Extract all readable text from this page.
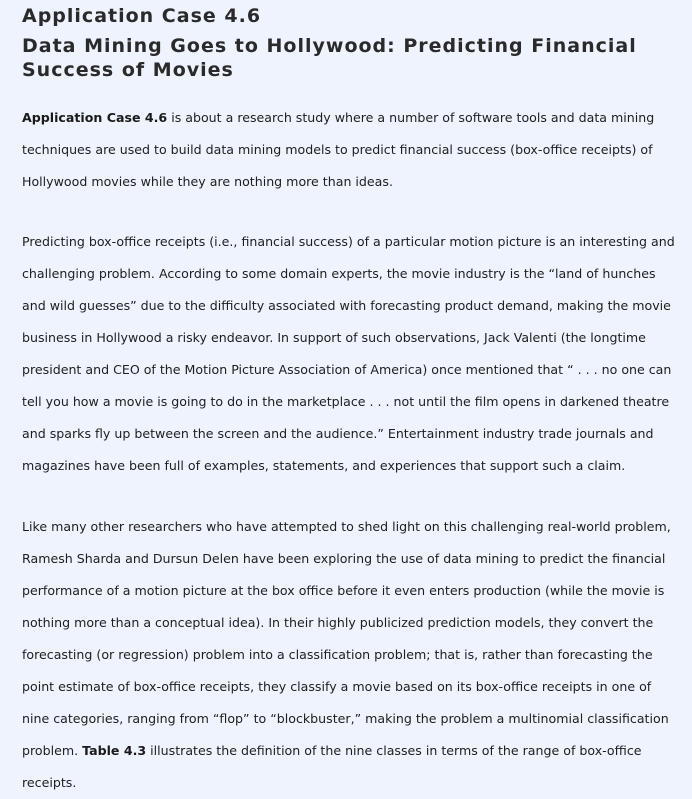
Application Case 4.6
Data Mining Goes to Hollywood: Predicting Financial
Success of Movies

Application Case 4.6 is about a research study where a number of software tools and data mining techniques are used to build data mining models to predict financial success (box-office receipts) of Hollywood movies while they are nothing more than ideas.

Predicting box-office receipts (i.e., financial success) of a particular motion picture is an interesting and challenging problem. According to some domain experts, the movie industry is the “land of hunches and wild guesses” due to the difficulty associated with forecasting product demand, making the movie business in Hollywood a risky endeavor. In support of such observations, Jack Valenti (the longtime president and CEO of the Motion Picture Association of America) once mentioned that “ . . . no one can tell you how a movie is going to do in the marketplace . . . not until the film opens in darkened theatre and sparks fly up between the screen and the audience.” Entertainment industry trade journals and magazines have been full of examples, statements, and experiences that support such a claim.

Like many other researchers who have attempted to shed light on this challenging real-world problem, Ramesh Sharda and Dursun Delen have been exploring the use of data mining to predict the financial performance of a motion picture at the box office before it even enters production (while the movie is nothing more than a conceptual idea). In their highly publicized prediction models, they convert the forecasting (or regression) problem into a classification problem; that is, rather than forecasting the point estimate of box-office receipts, they classify a movie based on its box-office receipts in one of nine categories, ranging from “flop” to “blockbuster,” making the problem a multinomial classification problem. Table 4.3 illustrates the definition of the nine classes in terms of the range of box-office receipts.
